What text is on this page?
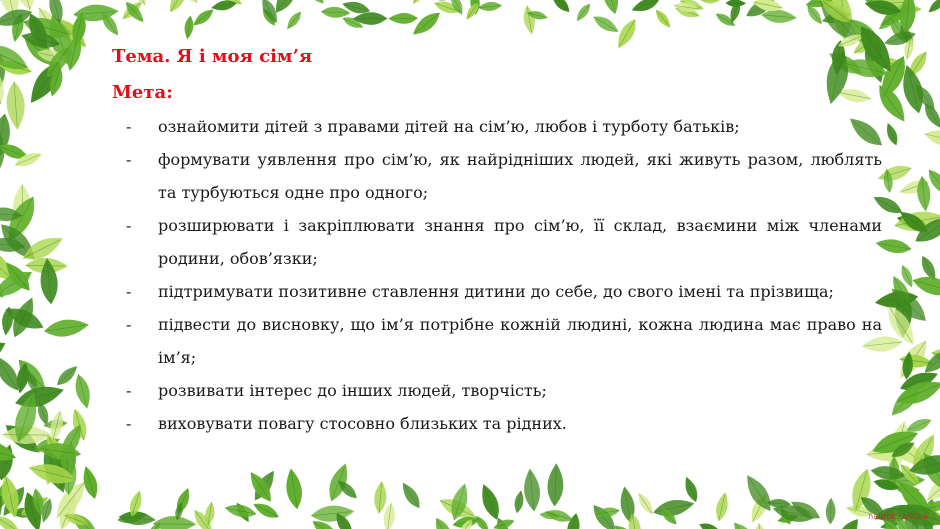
Тема. Я і моя сім’я

Мета:

- ознайомити дітей з правами дітей на сім’ю, любов і турботу батьків;
- формувати уявлення про сім’ю, як найрідніших людей, які живуть разом, люблять та турбуються одне про одного;
- розширювати і закріплювати знання про сім’ю, її склад, взаємини між членами родини, обов’язки;
- підтримувати позитивне ставлення дитини до себе, до свого імені та прізвища;
- підвести до висновку, що ім’я потрібне кожній людині, кожна людина має право на ім’я;
- розвивати інтерес до інших людей, творчість;
- виховувати повагу стосовно близьких та рідних.
naurok.com.ua
